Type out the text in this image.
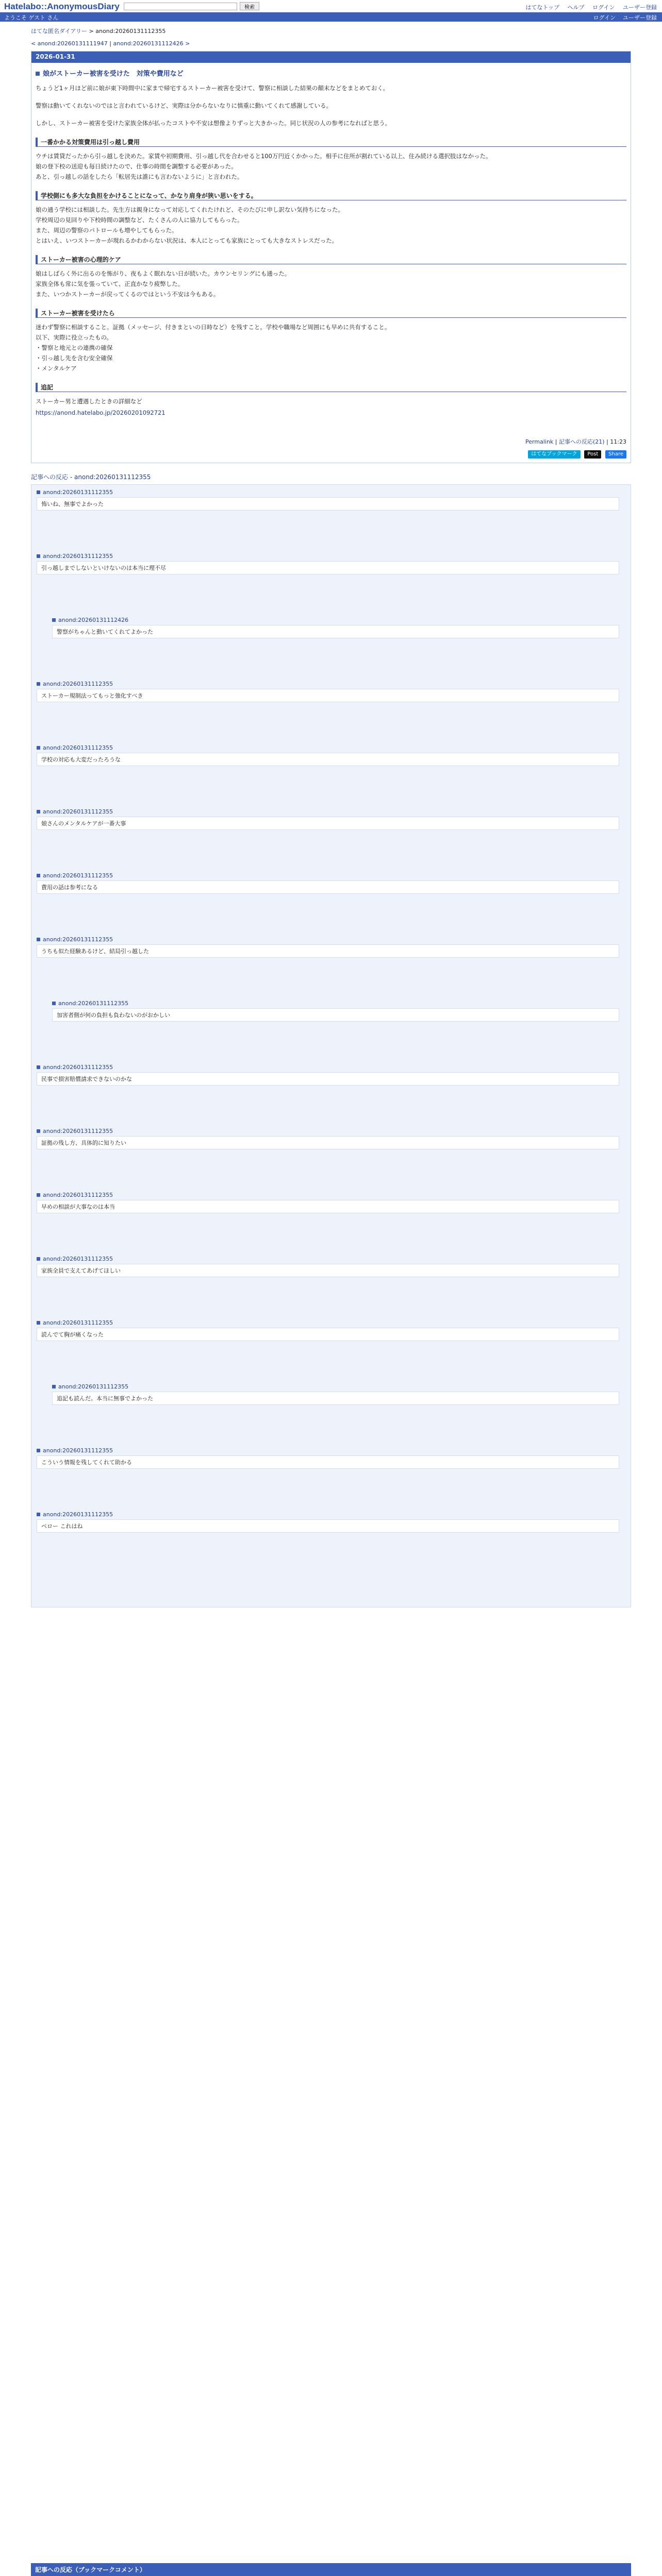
Hatelabo::AnonymousDiary	検索	はてなトップ ヘルプ ログイン ユーザー登録
ようこそ ゲスト さん	ログイン ユーザー登録
はてな匿名ダイアリー > anond:20260131112355
< anond:20260131111947 | anond:20260131112426 >
2026-01-31
娘がストーカー被害を受けた　対策や費用など

ちょうど1ヶ月ほど前に娘が東下時間中に家まで帰宅するストーカー被害を受けて、警察に相談した結果の顛末などをまとめておく。

警察は動いてくれないのではと言われているけど、実際は分からないなりに慎重に動いてくれて感謝している。

しかし、ストーカー被害を受けた家族全体が払ったコストや不安は想像よりずっと大きかった。同じ状況の人の参考になればと思う。

一番かかる対策費用は引っ越し費用

ウチは賃貸だったから引っ越しを決めた。家賃や初期費用、引っ越し代を合わせると100万円近くかかった。相手に住所が割れている以上、住み続ける選択肢はなかった。
娘の登下校の送迎も毎日続けたので、仕事の時間を調整する必要があった。
あと、引っ越しの話をしたら「転居先は誰にも言わないように」と言われた。

学校側にも多大な負担をかけることになって、かなり肩身が狭い思いをする。

娘の通う学校には相談した。先生方は親身になって対応してくれたけれど、そのたびに申し訳ない気持ちになった。
学校周辺の見回りや下校時間の調整など、たくさんの人に協力してもらった。
また、周辺の警察のパトロールも増やしてもらった。
とはいえ、いつストーカーが現れるかわからない状況は、本人にとっても家族にとっても大きなストレスだった。

ストーカー被害の心理的ケア

娘はしばらく外に出るのを怖がり、夜もよく眠れない日が続いた。カウンセリングにも通った。
家族全体も常に気を張っていて、正直かなり疲弊した。
また、いつかストーカーが戻ってくるのではという不安は今もある。

ストーカー被害を受けたら

迷わず警察に相談すること。証拠（メッセージ、付きまといの日時など）を残すこと。学校や職場など周囲にも早めに共有すること。
以下、実際に役立ったもの。
・警察と地元との連携の確保
・引っ越し先を含む安全確保
・メンタルケア

追記

ストーカー男と遭遇したときの詳細など

https://anond.hatelabo.jp/20260201092721

Permalink | 記事への反応(21) | 11:23
はてなブックマーク Post Share
記事への反応 - anond:20260131112355
anond:20260131112355
怖いね、無事でよかった
anond:20260131112355
引っ越しまでしないといけないのは本当に理不尽
anond:20260131112426
警察がちゃんと動いてくれてよかった
anond:20260131112355
ストーカー規制法ってもっと強化すべき
anond:20260131112355
学校の対応も大変だったろうな
anond:20260131112355
娘さんのメンタルケアが一番大事
anond:20260131112355
費用の話は参考になる
anond:20260131112355
うちも似た経験あるけど、結局引っ越した
anond:20260131112355
加害者側が何の負担も負わないのがおかしい
anond:20260131112355
民事で損害賠償請求できないのかな
anond:20260131112355
証拠の残し方、具体的に知りたい
anond:20260131112355
早めの相談が大事なのは本当
anond:20260131112355
家族全員で支えてあげてほしい
anond:20260131112355
読んでて胸が痛くなった
anond:20260131112355
追記も読んだ。本当に無事でよかった
anond:20260131112355
こういう情報を残してくれて助かる
anond:20260131112355
ペロー これはね
記事への反応（ブックマークコメント）
